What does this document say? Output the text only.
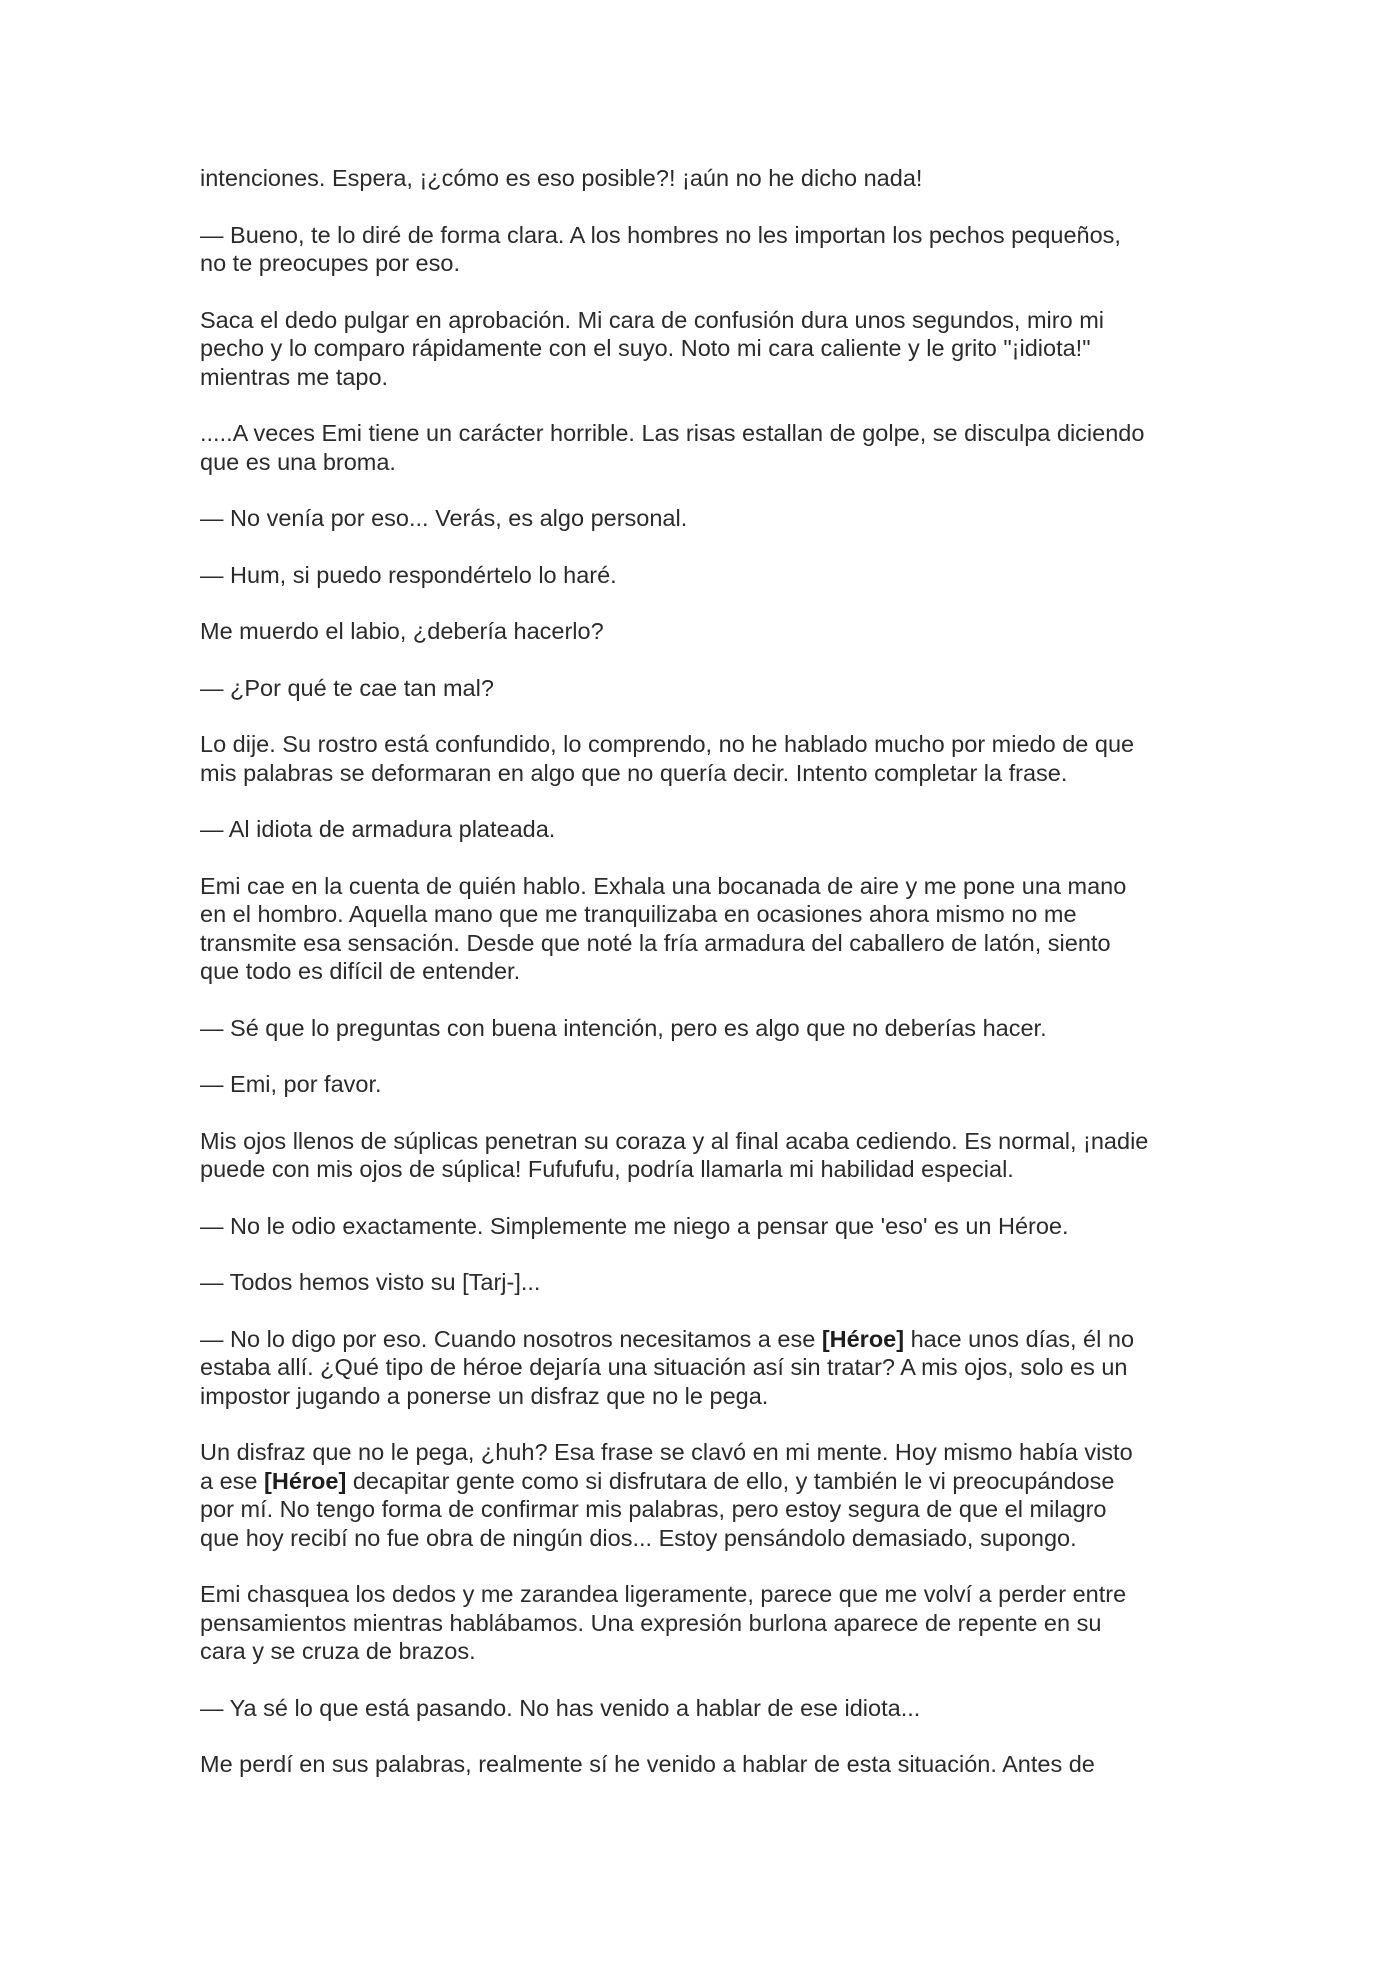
intenciones. Espera, ¡¿cómo es eso posible?! ¡aún no he dicho nada!

— Bueno, te lo diré de forma clara. A los hombres no les importan los pechos pequeños,
no te preocupes por eso.

Saca el dedo pulgar en aprobación. Mi cara de confusión dura unos segundos, miro mi
pecho y lo comparo rápidamente con el suyo. Noto mi cara caliente y le grito "¡idiota!"
mientras me tapo.

.....A veces Emi tiene un carácter horrible. Las risas estallan de golpe, se disculpa diciendo
que es una broma.

— No venía por eso... Verás, es algo personal.

— Hum, si puedo respondértelo lo haré.

Me muerdo el labio, ¿debería hacerlo?

— ¿Por qué te cae tan mal?

Lo dije. Su rostro está confundido, lo comprendo, no he hablado mucho por miedo de que
mis palabras se deformaran en algo que no quería decir. Intento completar la frase.

— Al idiota de armadura plateada.

Emi cae en la cuenta de quién hablo. Exhala una bocanada de aire y me pone una mano
en el hombro. Aquella mano que me tranquilizaba en ocasiones ahora mismo no me
transmite esa sensación. Desde que noté la fría armadura del caballero de latón, siento
que todo es difícil de entender.

— Sé que lo preguntas con buena intención, pero es algo que no deberías hacer.

— Emi, por favor.

Mis ojos llenos de súplicas penetran su coraza y al final acaba cediendo. Es normal, ¡nadie
puede con mis ojos de súplica! Fufufufu, podría llamarla mi habilidad especial.

— No le odio exactamente. Simplemente me niego a pensar que 'eso' es un Héroe.

— Todos hemos visto su [Tarj-]...

— No lo digo por eso. Cuando nosotros necesitamos a ese [Héroe] hace unos días, él no
estaba allí. ¿Qué tipo de héroe dejaría una situación así sin tratar? A mis ojos, solo es un
impostor jugando a ponerse un disfraz que no le pega.

Un disfraz que no le pega, ¿huh? Esa frase se clavó en mi mente. Hoy mismo había visto
a ese [Héroe] decapitar gente como si disfrutara de ello, y también le vi preocupándose
por mí. No tengo forma de confirmar mis palabras, pero estoy segura de que el milagro
que hoy recibí no fue obra de ningún dios... Estoy pensándolo demasiado, supongo.

Emi chasquea los dedos y me zarandea ligeramente, parece que me volví a perder entre
pensamientos mientras hablábamos. Una expresión burlona aparece de repente en su
cara y se cruza de brazos.

— Ya sé lo que está pasando. No has venido a hablar de ese idiota...

Me perdí en sus palabras, realmente sí he venido a hablar de esta situación. Antes de
